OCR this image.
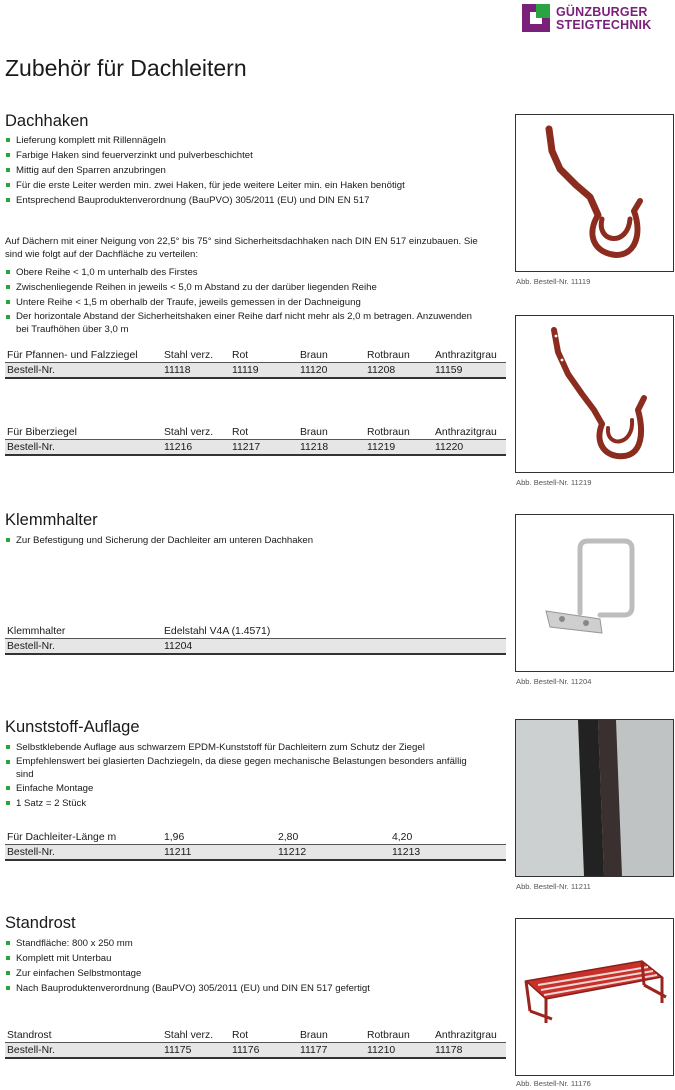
GÜNZBURGER
STEIGTECHNIK
Zubehör für Dachleitern
Dachhaken
Lieferung komplett mit Rillennägeln
Farbige Haken sind feuerverzinkt und pulverbeschichtet
Mittig auf den Sparren anzubringen
Für die erste Leiter werden min. zwei Haken, für jede weitere Leiter min. ein Haken benötigt
Entsprechend Bauproduktenverordnung (BauPVO) 305/2011 (EU) und DIN EN 517

Auf Dächern mit einer Neigung von 22,5° bis 75° sind Sicherheitsdachhaken nach DIN EN 517 einzubauen. Sie sind wie folgt auf der Dachfläche zu verteilen:

Obere Reihe < 1,0 m unterhalb des Firstes
Zwischenliegende Reihen in jeweils < 5,0 m Abstand zu der darüber liegenden Reihe
Untere Reihe < 1,5 m oberhalb der Traufe, jeweils gemessen in der Dachneigung
Der horizontale Abstand der Sicherheitshaken einer Reihe darf nicht mehr als 2,0 m betragen. Anzuwenden bei Traufhöhen über 3,0 m
Für Pfannen- und Falzziegel	Stahl verz.	Rot	Braun	Rotbraun	Anthrazitgrau
Bestell-Nr.	11118	11119	11120	11208	11159
Für Biberziegel	Stahl verz.	Rot	Braun	Rotbraun	Anthrazitgrau
Bestell-Nr.	11216	11217	11218	11219	11220
Abb. Bestell-Nr. 11119
Abb. Bestell-Nr. 11219
Klemmhalter
Zur Befestigung und Sicherung der Dachleiter am unteren Dachhaken
Klemmhalter	Edelstahl V4A (1.4571)
Bestell-Nr.	11204
Abb. Bestell-Nr. 11204
Kunststoff-Auflage
Selbstklebende Auflage aus schwarzem EPDM-Kunststoff für Dachleitern zum Schutz der Ziegel
Empfehlenswert bei glasierten Dachziegeln, da diese gegen mechanische Belastungen besonders anfällig sind
Einfache Montage
1 Satz = 2 Stück
Für Dachleiter-Länge m	1,96	2,80	4,20
Bestell-Nr.	11211	11212	11213
Abb. Bestell-Nr. 11211
Standrost
Standfläche: 800 x 250 mm
Komplett mit Unterbau
Zur einfachen Selbstmontage
Nach Bauproduktenverordnung (BauPVO) 305/2011 (EU) und DIN EN 517 gefertigt
Standrost	Stahl verz.	Rot	Braun	Rotbraun	Anthrazitgrau
Bestell-Nr.	11175	11176	11177	11210	11178
Abb. Bestell-Nr. 11176
